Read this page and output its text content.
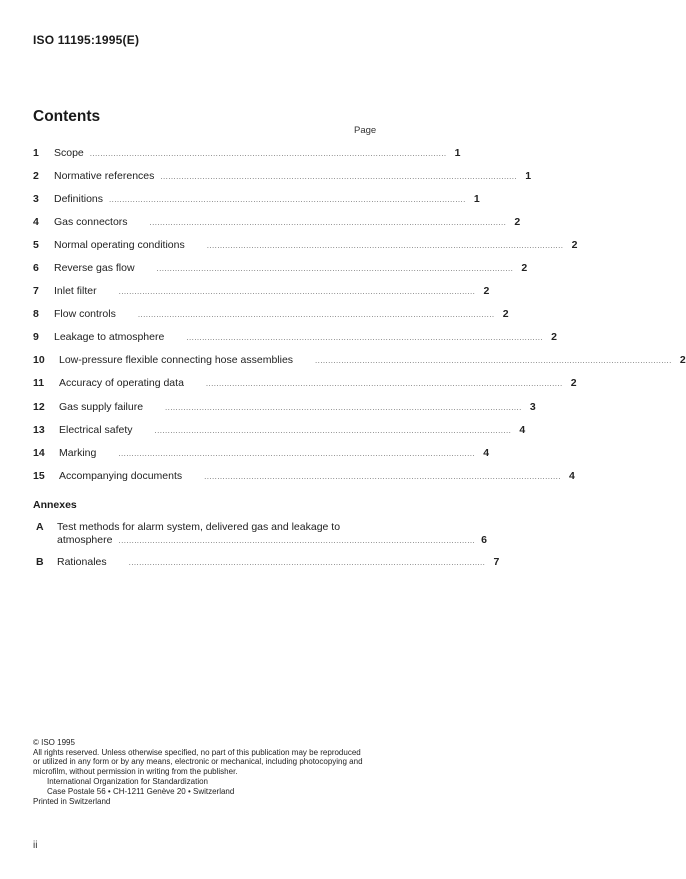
ISO 11195:1995(E)
Contents
Page
1	Scope ........................................................................................................................................ 1
2	Normative references ........................................................................................................................................ 1
3	Definitions ........................................................................................................................................ 1
4	Gas connectors	........................................................................................................................................ 2
5	Normal operating conditions	........................................................................................................................................ 2
6	Reverse gas flow	........................................................................................................................................ 2
7	Inlet filter	........................................................................................................................................ 2
8	Flow controls	........................................................................................................................................ 2
9	Leakage to atmosphere	........................................................................................................................................ 2
10	Low-pressure flexible connecting hose assemblies	........................................................................................................................................ 2
11	Accuracy of operating data	........................................................................................................................................ 2
12	Gas supply failure	........................................................................................................................................ 3
13	Electrical safety	........................................................................................................................................ 4
14	Marking	........................................................................................................................................ 4
15	Accompanying documents	........................................................................................................................................ 4
Annexes
A Test methods for alarm system, delivered gas and leakage to
atmosphere ........................................................................................................................................ 6
B	Rationales	........................................................................................................................................ 7
© ISO 1995
All rights reserved. Unless otherwise specified, no part of this publication may be reproduced
or utilized in any form or by any means, electronic or mechanical, including photocopying and
microfilm, without permission in writing from the publisher.
International Organization for Standardization
Case Postale 56 • CH-1211 Genève 20 • Switzerland
Printed in Switzerland
ii
